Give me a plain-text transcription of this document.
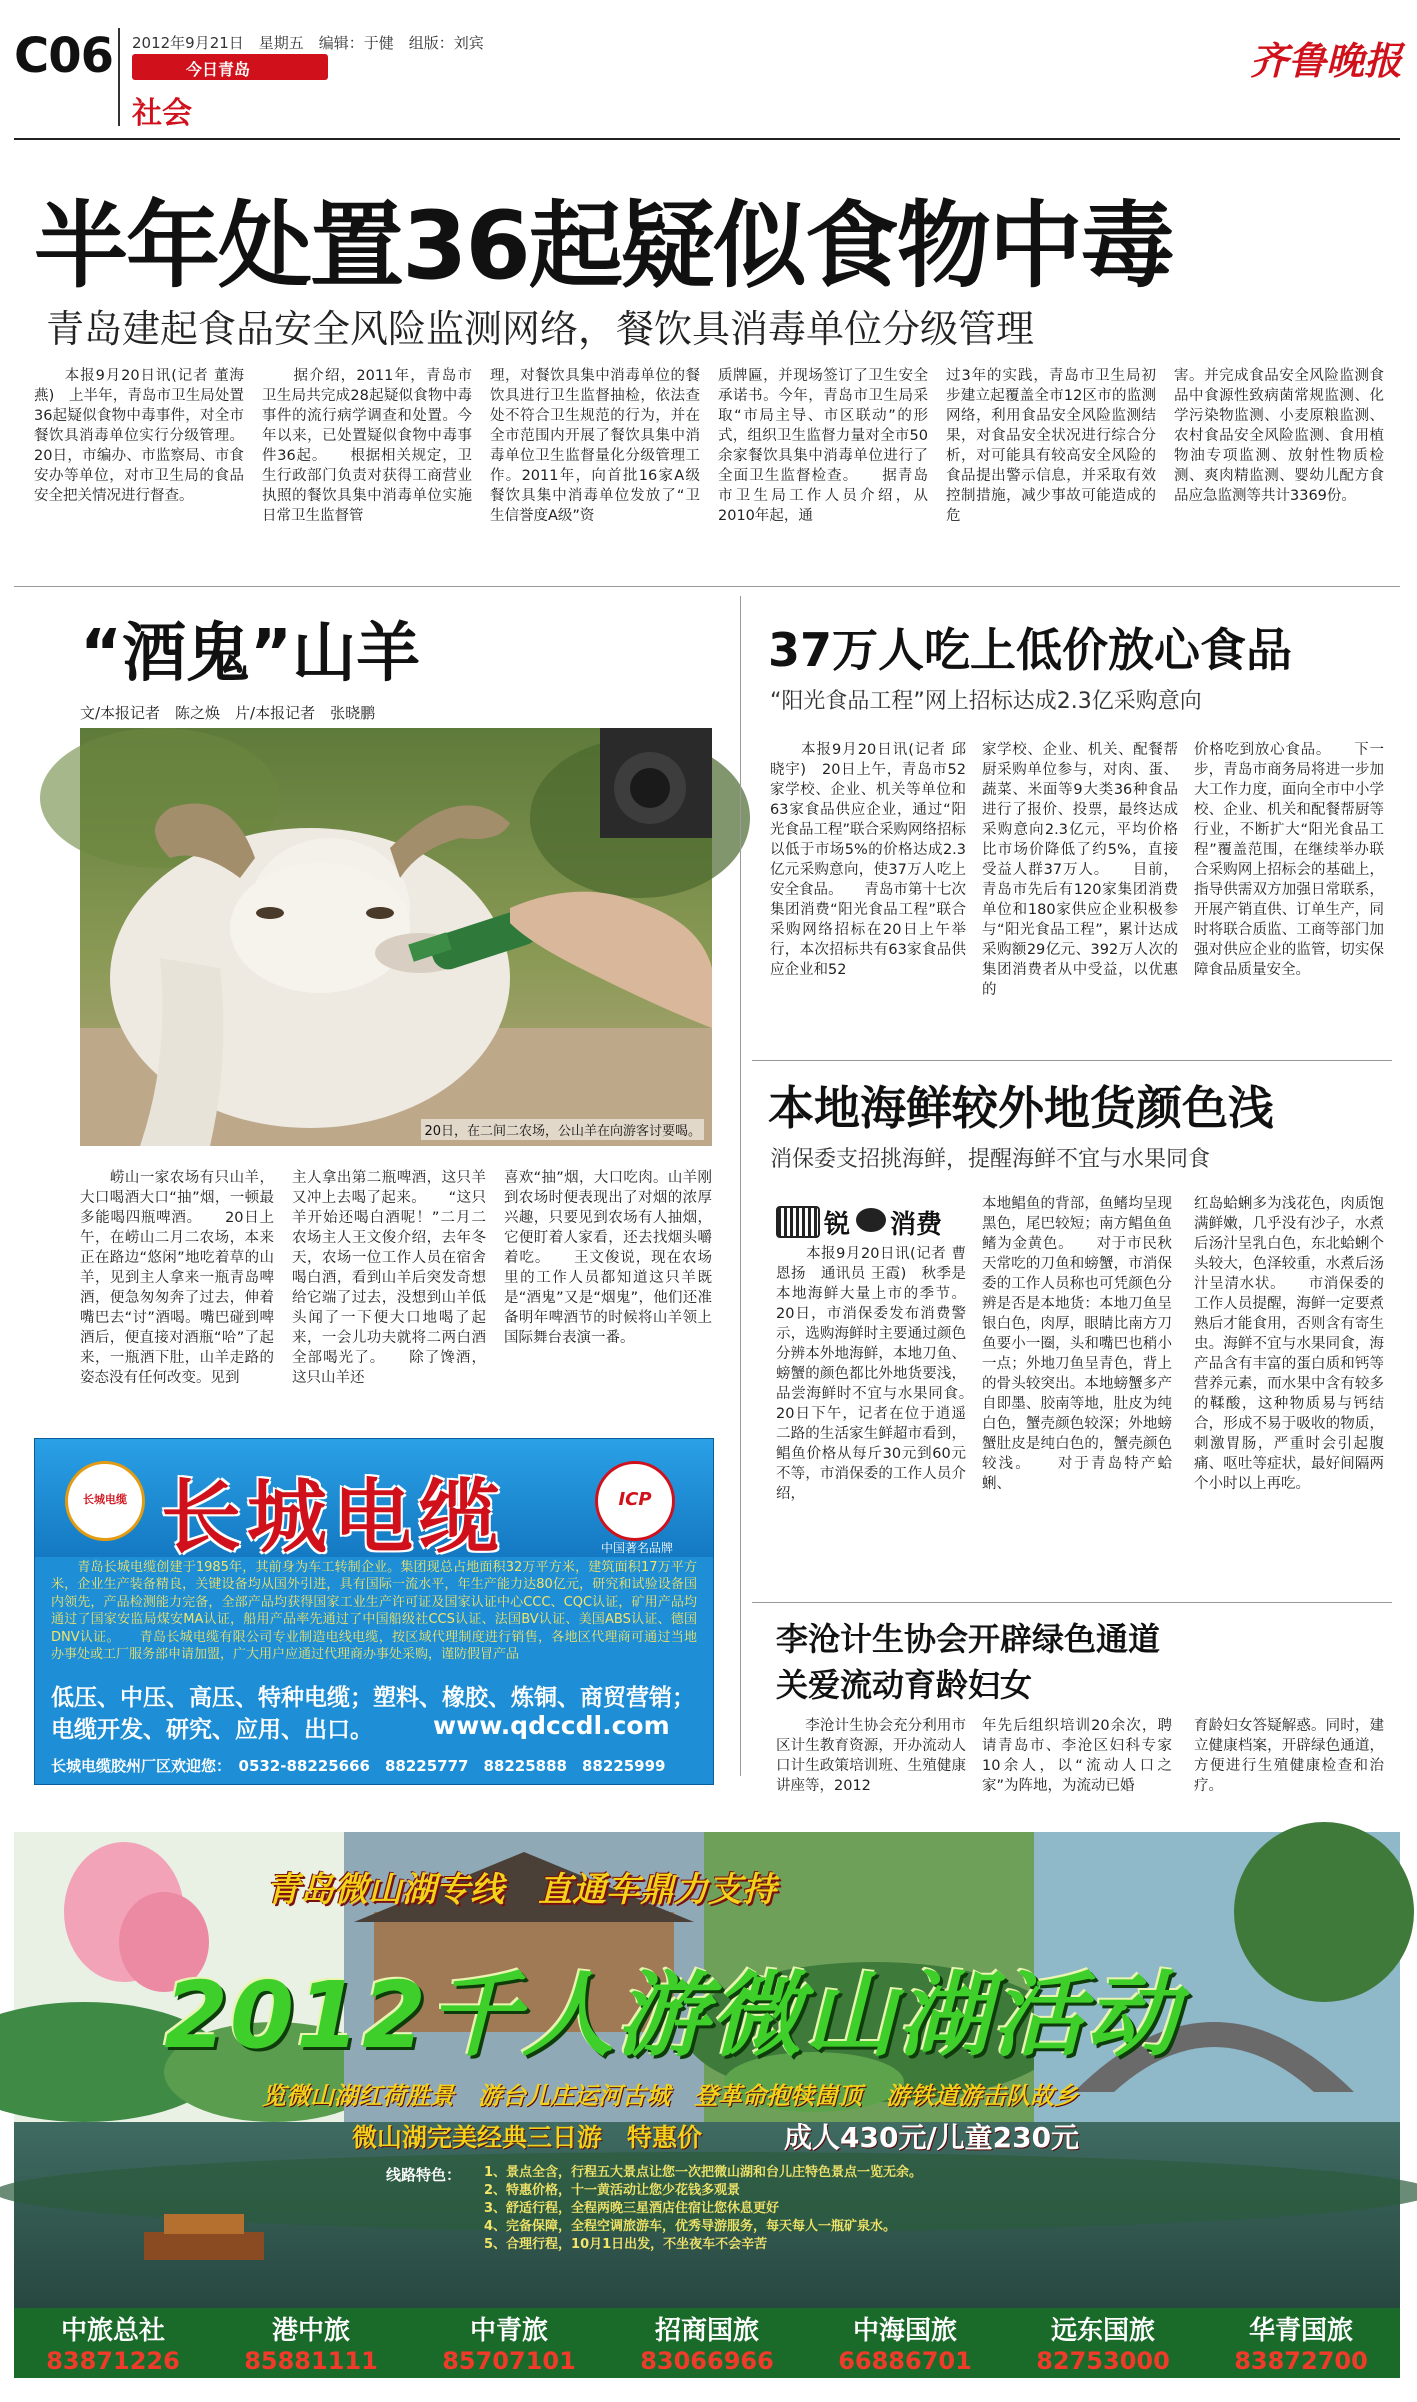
C06 2012年9月21日　星期五　编辑：于健　组版：刘宾
今日青岛
社会
齐鲁晚报
半年处置36起疑似食物中毒
青岛建起食品安全风险监测网络，餐饮具消毒单位分级管理
　　本报9月20日讯(记者 董海燕)　上半年，青岛市卫生局处置36起疑似食物中毒事件，对全市餐饮具消毒单位实行分级管理。20日，市编办、市监察局、市食安办等单位，对市卫生局的食品安全把关情况进行督查。
　　据介绍，2011年，青岛市卫生局共完成28起疑似食物中毒事件的流行病学调查和处置。今年以来，已处置疑似食物中毒事件36起。　　根据相关规定，卫生行政部门负责对获得工商营业执照的餐饮具集中消毒单位实施日常卫生监督管
理，对餐饮具集中消毒单位的餐饮具进行卫生监督抽检，依法查处不符合卫生规范的行为，并在全市范围内开展了餐饮具集中消毒单位卫生监督量化分级管理工作。2011年，向首批16家A级餐饮具集中消毒单位发放了“卫生信誉度A级”资
质牌匾，并现场签订了卫生安全承诺书。今年，青岛市卫生局采取“市局主导、市区联动”的形式，组织卫生监督力量对全市50余家餐饮具集中消毒单位进行了全面卫生监督检查。　　据青岛市卫生局工作人员介绍，从2010年起，通
过3年的实践，青岛市卫生局初步建立起覆盖全市12区市的监测网络，利用食品安全风险监测结果，对食品安全状况进行综合分析，对可能具有较高安全风险的食品提出警示信息，并采取有效控制措施，减少事故可能造成的危
害。并完成食品安全风险监测食品中食源性致病菌常规监测、化学污染物监测、小麦原粮监测、农村食品安全风险监测、食用植物油专项监测、放射性物质检测、爽肉精监测、婴幼儿配方食品应急监测等共计3369份。
“酒鬼”山羊
文/本报记者　陈之焕　片/本报记者　张晓鹏
20日，在二间二农场，公山羊在向游客讨要喝。
　　崂山一家农场有只山羊，大口喝酒大口“抽”烟，一顿最多能喝四瓶啤酒。　　20日上午，在崂山二月二农场，本来正在路边“悠闲”地吃着草的山羊，见到主人拿来一瓶青岛啤酒，便急匆匆奔了过去，伸着嘴巴去“讨”酒喝。嘴巴碰到啤酒后，便直接对酒瓶“哈”了起来，一瓶酒下肚，山羊走路的姿态没有任何改变。见到
主人拿出第二瓶啤酒，这只羊又冲上去喝了起来。　　“这只羊开始还喝白酒呢！”二月二农场主人王文俊介绍，去年冬天，农场一位工作人员在宿舍喝白酒，看到山羊后突发奇想给它端了过去，没想到山羊低头闻了一下便大口地喝了起来，一会儿功夫就将二两白酒全部喝光了。　　除了馋酒，这只山羊还
喜欢“抽”烟，大口吃肉。山羊刚到农场时便表现出了对烟的浓厚兴趣，只要见到农场有人抽烟，它便盯着人家看，还去找烟头嚼着吃。　　王文俊说，现在农场里的工作人员都知道这只羊既是“酒鬼”又是“烟鬼”，他们还准备明年啤酒节的时候将山羊领上国际舞台表演一番。
长城电缆 长城电缆	ICP
中国著名品牌
　　青岛长城电缆创建于1985年，其前身为车工转制企业。集团现总占地面积32万平方米，建筑面积17万平方米，企业生产装备精良，关键设备均从国外引进，具有国际一流水平，年生产能力达80亿元，研究和试验设备国内领先，产品检测能力完备，全部产品均获得国家工业生产许可证及国家认证中心CCC、CQC认证，矿用产品均通过了国家安监局煤安MA认证，船用产品率先通过了中国船级社CCS认证、法国BV认证、美国ABS认证、德国DNV认证。　　青岛长城电缆有限公司专业制造电线电缆，按区域代理制度进行销售，各地区代理商可通过当地办事处或工厂服务部申请加盟，广大用户应通过代理商办事处采购，谨防假冒产品
低压、中压、高压、特种电缆；塑料、橡胶、炼铜、商贸营销；
电缆开发、研究、应用、出口。 www.qdccdl.com
长城电缆胶州厂区欢迎您：　0532-88225666　88225777　88225888　88225999
37万人吃上低价放心食品
“阳光食品工程”网上招标达成2.3亿采购意向
　　本报9月20日讯(记者 邱晓宇)　20日上午，青岛市52家学校、企业、机关等单位和63家食品供应企业，通过“阳光食品工程”联合采购网络招标以低于市场5%的价格达成2.3亿元采购意向，使37万人吃上安全食品。　　青岛市第十七次集团消费“阳光食品工程”联合采购网络招标在20日上午举行，本次招标共有63家食品供应企业和52
家学校、企业、机关、配餐帮厨采购单位参与，对肉、蛋、蔬菜、米面等9大类36种食品进行了报价、投票，最终达成采购意向2.3亿元，平均价格比市场价降低了约5%，直接受益人群37万人。　　目前，青岛市先后有120家集团消费单位和180家供应企业积极参与“阳光食品工程”，累计达成采购额29亿元、392万人次的集团消费者从中受益，以优惠的
价格吃到放心食品。　　下一步，青岛市商务局将进一步加大工作力度，面向全市中小学校、企业、机关和配餐帮厨等行业，不断扩大“阳光食品工程”覆盖范围，在继续举办联合采购网上招标会的基础上，指导供需双方加强日常联系，开展产销直供、订单生产，同时将联合质监、工商等部门加强对供应企业的监管，切实保障食品质量安全。
本地海鲜较外地货颜色浅
消保委支招挑海鲜，提醒海鲜不宜与水果同食
锐 消费
　　本报9月20日讯(记者 曹恩扬　通讯员 王霞)　秋季是本地海鲜大量上市的季节。20日，市消保委发布消费警示，选购海鲜时主要通过颜色分辨本外地海鲜，本地刀鱼、螃蟹的颜色都比外地货要浅，品尝海鲜时不宜与水果同食。　　20日下午，记者在位于逍遥二路的生活家生鲜超市看到，鲳鱼价格从每斤30元到60元不等，市消保委的工作人员介绍，
本地鲳鱼的背部，鱼鳍均呈现黑色，尾巴较短；南方鲳鱼鱼鳍为金黄色。　　对于市民秋天常吃的刀鱼和螃蟹，市消保委的工作人员称也可凭颜色分辨是否是本地货：本地刀鱼呈银白色，肉厚，眼睛比南方刀鱼要小一圈，头和嘴巴也稍小一点；外地刀鱼呈青色，背上的骨头较突出。本地螃蟹多产自即墨、胶南等地，肚皮为纯白色，蟹壳颜色较深；外地螃蟹肚皮是纯白色的，蟹壳颜色较浅。　　对于青岛特产蛤蜊、
红岛蛤蜊多为浅花色，肉质饱满鲜嫩，几乎没有沙子，水煮后汤汁呈乳白色，东北蛤蜊个头较大，色泽较重，水煮后汤汁呈清水状。　　市消保委的工作人员提醒，海鲜一定要煮熟后才能食用，否则含有寄生虫。海鲜不宜与水果同食，海产品含有丰富的蛋白质和钙等营养元素，而水果中含有较多的鞣酸，这种物质易与钙结合，形成不易于吸收的物质，刺激胃肠，严重时会引起腹痛、呕吐等症状，最好间隔两个小时以上再吃。
李沧计生协会开辟绿色通道
关爱流动育龄妇女
　　李沧计生协会充分利用市区计生教育资源，开办流动人口计生政策培训班、生殖健康讲座等，2012
年先后组织培训20余次，聘请青岛市、李沧区妇科专家10余人，以“流动人口之家”为阵地，为流动已婚
育龄妇女答疑解惑。同时，建立健康档案，开辟绿色通道，方便进行生殖健康检查和治疗。
青岛微山湖专线　直通车鼎力支持
2012千人游微山湖活动
览微山湖红荷胜景　游台儿庄运河古城　登革命抱犊崮顶　游铁道游击队故乡
微山湖完美经典三日游　特惠价	成人430元/儿童230元
线路特色： 1、景点全含，行程五大景点让您一次把微山湖和台儿庄特色景点一览无余。
2、特惠价格，十一黄活动让您少花钱多观景
3、舒适行程，全程两晚三星酒店住宿让您休息更好
4、完备保障，全程空调旅游车，优秀导游服务，每天每人一瓶矿泉水。
5、合理行程，10月1日出发，不坐夜车不会辛苦
中旅总社
83871226
港中旅
85881111
中青旅
85707101
招商国旅
83066966
中海国旅
66886701
远东国旅
82753000
华青国旅
83872700
